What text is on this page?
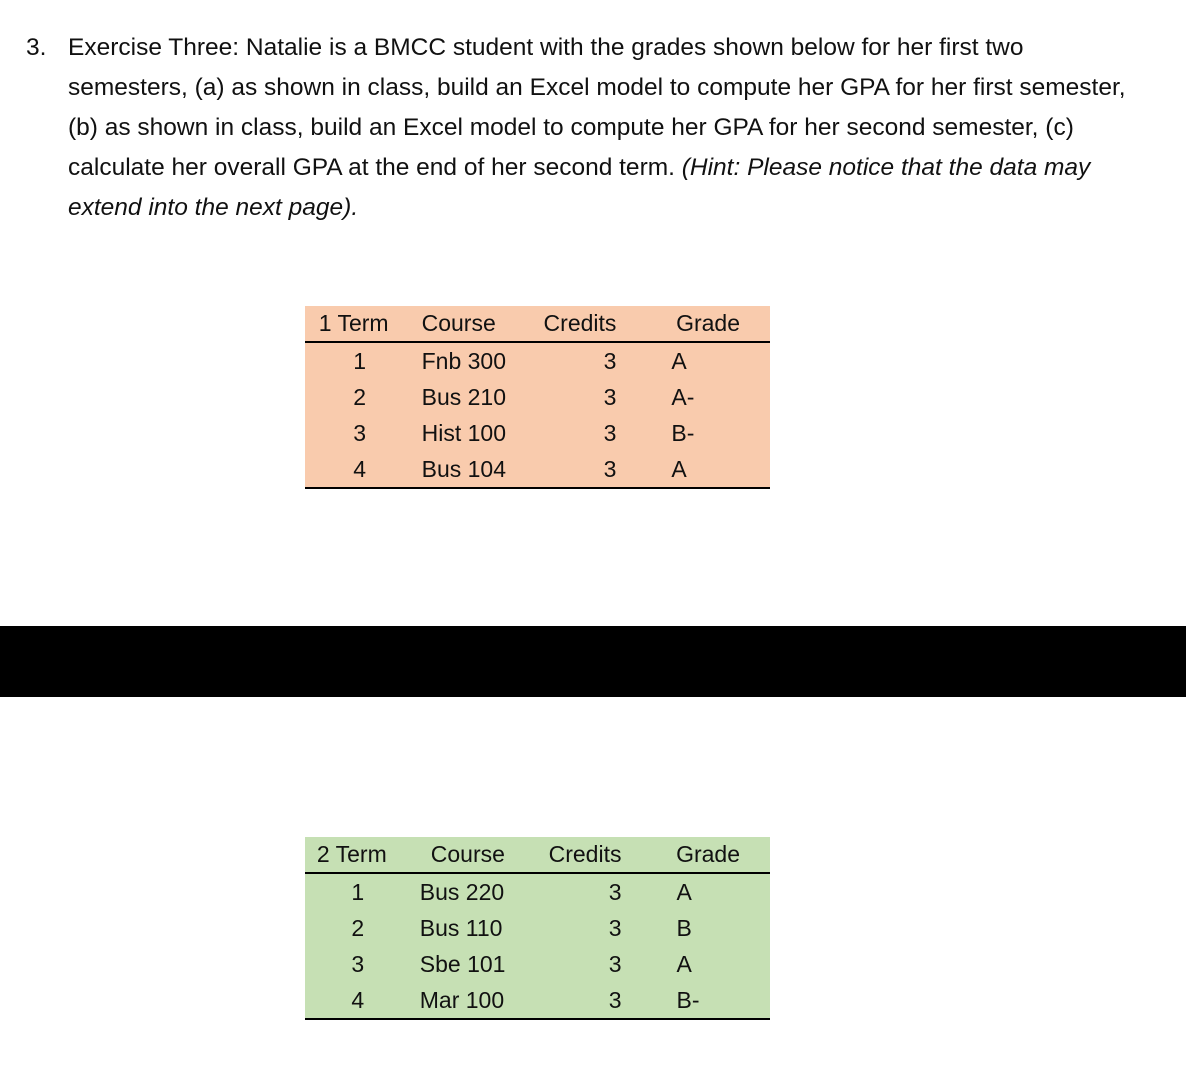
3. Exercise Three: Natalie is a BMCC student with the grades shown below for her first two semesters, (a) as shown in class, build an Excel model to compute her GPA for her first semester, (b) as shown in class, build an Excel model to compute her GPA for her second semester, (c) calculate her overall GPA at the end of her second term. (Hint: Please notice that the data may extend into the next page).
1 Term	Course	Credits	Grade
1	Fnb 300	3	A
2	Bus 210	3	A-
3	Hist 100	3	B-
4	Bus 104	3	A
2 Term	Course	Credits	Grade
1	Bus 220	3	A
2	Bus 110	3	B
3	Sbe 101	3	A
4	Mar 100	3	B-
